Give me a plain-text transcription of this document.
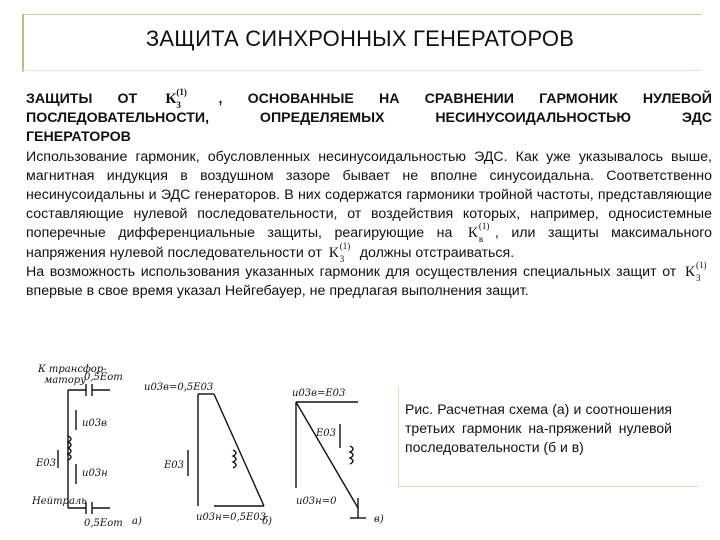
ЗАЩИТА СИНХРОННЫХ ГЕНЕРАТОРОВ
ЗАЩИТЫ ОТ К (1)
3	, ОСНОВАННЫЕ НА СРАВНЕНИИ ГАРМОНИК НУЛЕВОЙ
ПОСЛЕДОВАТЕЛЬНОСТИ, ОПРЕДЕЛЯЕМЫХ НЕСИНУСОИДАЛЬНОСТЬЮ ЭДС
ГЕНЕРАТОРОВ
Использование гармоник, обусловленных несинусоидальностью ЭДС. Как уже указывалось выше, магнитная индукция в воздушном зазоре бывает не вполне синусоидальна. Соответственно несинусоидальны и ЭДС генераторов. В них содержатся гармоники тройной частоты, представляющие составляющие нулевой последовательности, от воздействия которых, например, односистемные поперечные дифференциальные защиты, реагирующие на К (1)
в , или защиты максимального напряжения нулевой последовательности от К (1)
3 должны отстраиваться.
На возможность использования указанных гармоник для осуществления специальных защит от К (1)
3
впервые в свое время указал Нейгебауер, не предлагая выполнения защит.
К трансфор-
матору
0,5Еот
u03в
Е03
u03н
Нейтраль
0,5Еот а)
u03в=0,5Е03
Е03
u03н=0,5Е03
б)
u03в=Е03
Е03
u03н=0
в)
Рис. Расчетная схема (а) и соотношения третьих гармоник на-пряжений нулевой последовательности (б и в)
